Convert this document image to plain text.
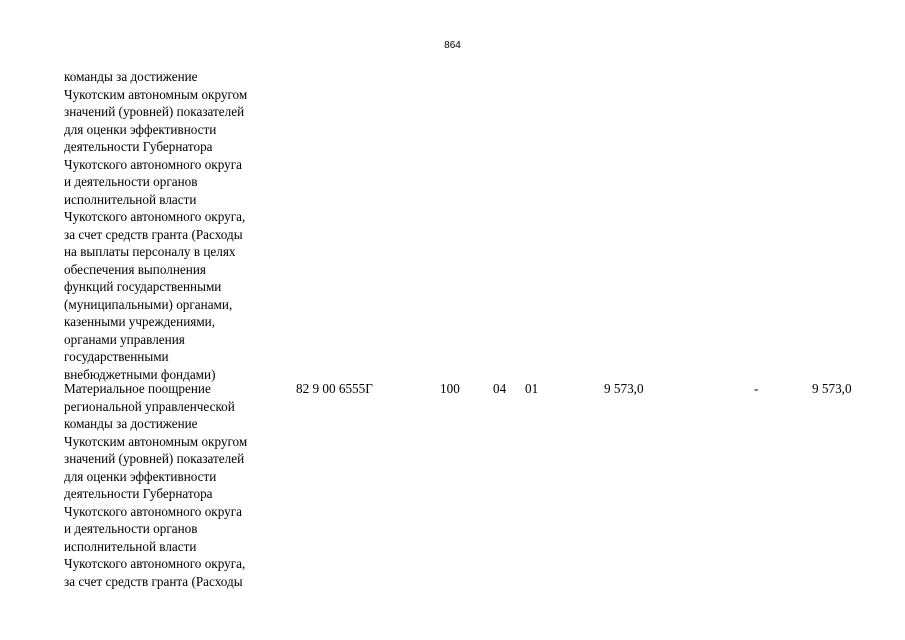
864
команды за достижение
Чукотским автономным округом
значений (уровней) показателей
для оценки эффективности
деятельности Губернатора
Чукотского автономного округа
и деятельности органов
исполнительной власти
Чукотского автономного округа,
за счет средств гранта (Расходы
на выплаты персоналу в целях
обеспечения выполнения
функций государственными
(муниципальными) органами,
казенными учреждениями,
органами управления
государственными
внебюджетными фондами)
Материальное поощрение
региональной управленческой
команды за достижение
Чукотским автономным округом
значений (уровней) показателей
для оценки эффективности
деятельности Губернатора
Чукотского автономного округа
и деятельности органов
исполнительной власти
Чукотского автономного округа,
за счет средств гранта (Расходы
82 9 00 6555Г	100	04 01	9 573,0	-	9 573,0
